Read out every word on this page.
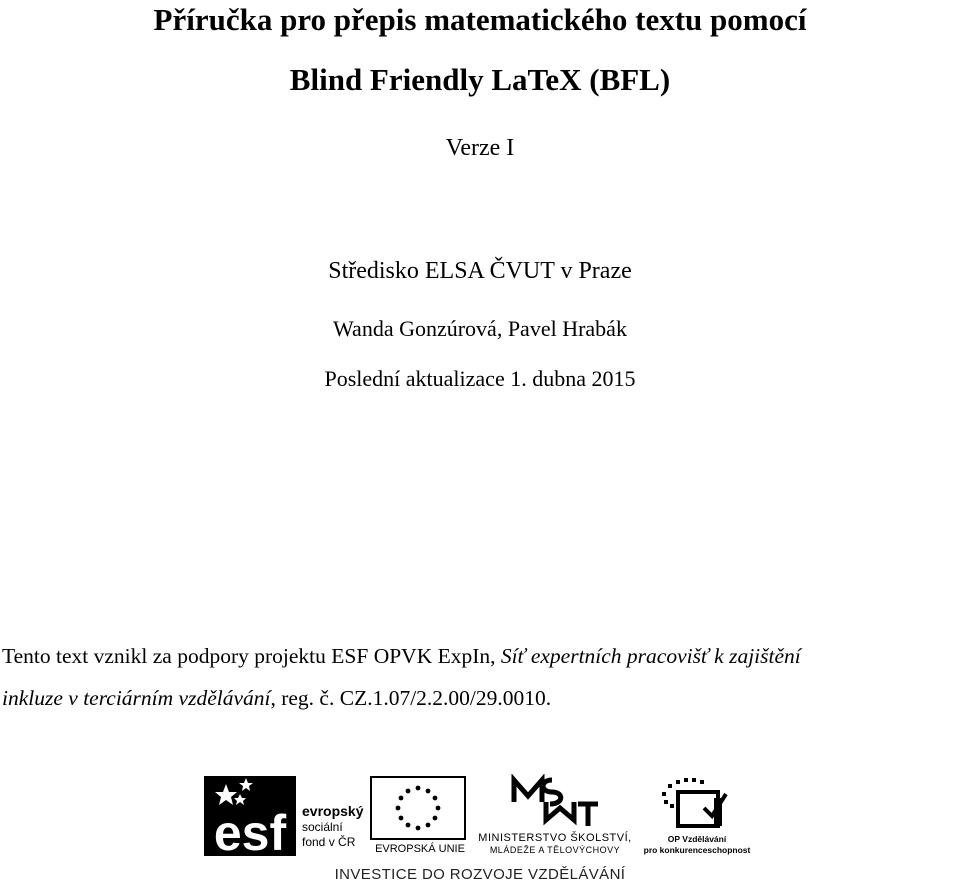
Příručka pro přepis matematického textu pomocí
Blind Friendly LaTeX (BFL)
Verze I
Středisko ELSA ČVUT v Praze
Wanda Gonzúrová, Pavel Hrabák
Poslední aktualizace 1. dubna 2015
Tento text vznikl za podpory projektu ESF OPVK ExpIn, Síť expertních pracovišť k zajištění
inkluze v terciárním vzdělávání, reg. č. CZ.1.07/2.2.00/29.0010.
esf evropský
sociální
fond v ČR	EVROPSKÁ UNIE
MINISTERSTVO ŠKOLSTVÍ,
MLÁDEŽE A TĚLOVÝCHOVY
OP Vzdělávání
pro konkurenceschopnost
INVESTICE DO ROZVOJE VZDĚLÁVÁNÍ
